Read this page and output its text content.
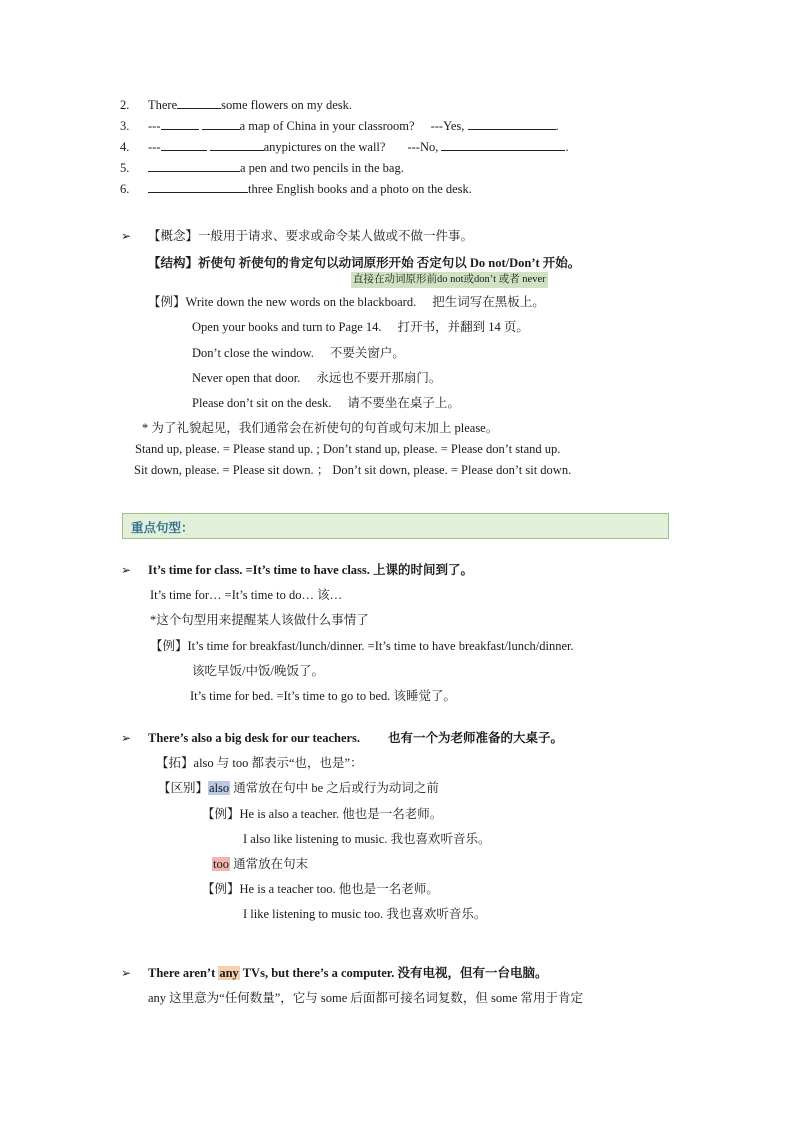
2. There	some flowers on my desk.
3. ---	a map of China in your classroom? ---Yes,	.
4. ---	anypictures on the wall? ---No,	.
5.	a pen and two pencils in the bag.
6.	three English books and a photo on the desk.
➢ 【概念】一般用于请求、要求或命令某人做或不做一件事。
【结构】祈使句 祈使句的肯定句以动词原形开始 否定句以 Do not/Don’t 开始。
直接在动词原形前do not或don’t 或者 never
【例】Write down the new words on the blackboard. 把生词写在黑板上。
Open your books and turn to Page 14. 打开书，并翻到 14 页。
Don’t close the window. 不要关窗户。
Never open that door. 永远也不要开那扇门。
Please don’t sit on the desk. 请不要坐在桌子上。
* 为了礼貌起见，我们通常会在祈使句的句首或句末加上 please。
Stand up, please. = Please stand up. ; Don’t stand up, please. = Please don’t stand up.
Sit down, please. = Please sit down. ； Don’t sit down, please. = Please don’t sit down.
重点句型：
➢ It’s time for class. =It’s time to have class. 上课的时间到了。
It’s time for… =It’s time to do… 该…
*这个句型用来提醒某人该做什么事情了
【例】It’s time for breakfast/lunch/dinner. =It’s time to have breakfast/lunch/dinner.
该吃早饭/中饭/晚饭了。
It’s time for bed. =It’s time to go to bed. 该睡觉了。
➢ There’s also a big desk for our teachers. 也有一个为老师准备的大桌子。
【拓】also 与 too 都表示“也，也是”：
【区别】also 通常放在句中 be 之后或行为动词之前
【例】He is also a teacher. 他也是一名老师。
I also like listening to music. 我也喜欢听音乐。
too 通常放在句末
【例】He is a teacher too. 他也是一名老师。
I like listening to music too. 我也喜欢听音乐。
➢ There aren’t any TVs, but there’s a computer. 没有电视，但有一台电脑。
any 这里意为“任何数量”，它与 some 后面都可接名词复数，但 some 常用于肯定
